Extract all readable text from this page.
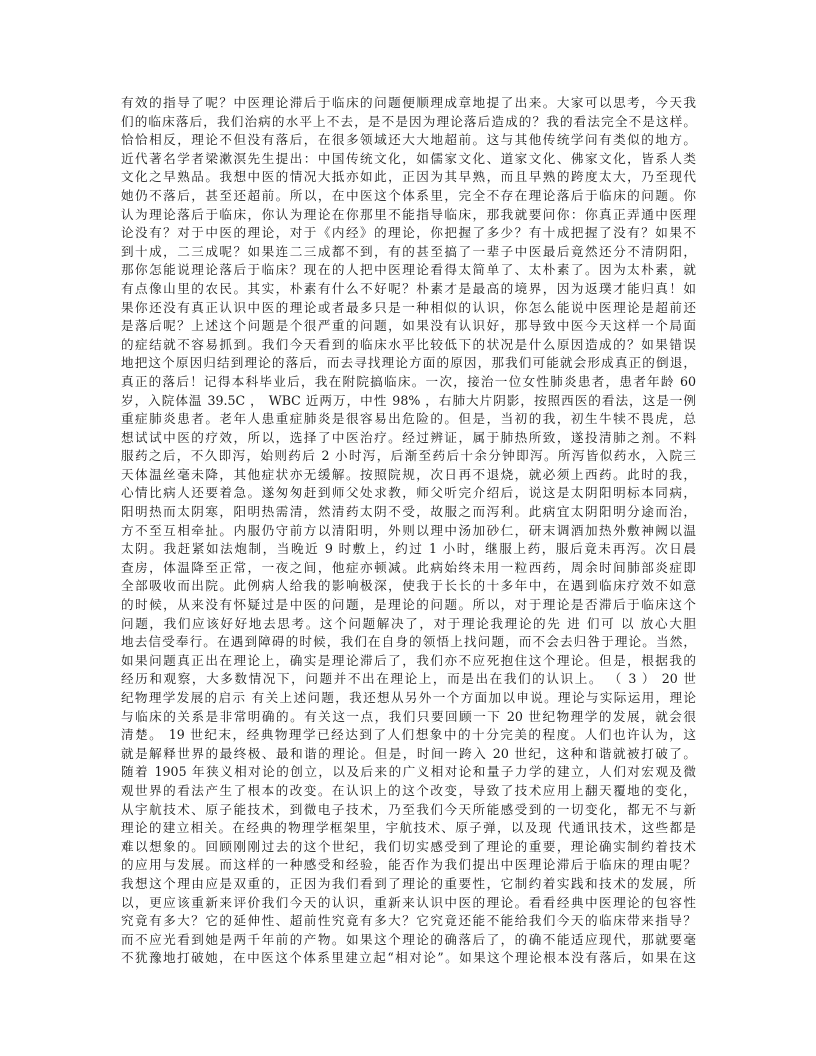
有效的指导了呢？中医理论滞后于临床的问题便顺理成章地提了出来。大家可以思考，今天我
们的临床落后，我们治病的水平上不去，是不是因为理论落后造成的？我的看法完全不是这样。
恰恰相反，理论不但没有落后，在很多领域还大大地超前。这与其他传统学问有类似的地方。
近代著名学者梁漱溟先生提出：中国传统文化，如儒家文化、道家文化、佛家文化，皆系人类
文化之早熟品。我想中医的情况大抵亦如此，正因为其早熟，而且早熟的跨度太大，乃至现代
她仍不落后，甚至还超前。所以，在中医这个体系里，完全不存在理论落后于临床的问题。你
认为理论落后于临床，你认为理论在你那里不能指导临床，那我就要问你：你真正弄通中医理
论没有？对于中医的理论，对于《内经》的理论，你把握了多少？有十成把握了没有？如果不
到十成，二三成呢？如果连二三成都不到，有的甚至搞了一辈子中医最后竟然还分不清阴阳，
那你怎能说理论落后于临床？现在的人把中医理论看得太简单了、太朴素了。因为太朴素，就
有点像山里的农民。其实，朴素有什么不好呢？朴素才是最高的境界，因为返璞才能归真！如
果你还没有真正认识中医的理论或者最多只是一种相似的认识，你怎么能说中医理论是超前还
是落后呢？上述这个问题是个很严重的问题，如果没有认识好，那导致中医今天这样一个局面
的症结就不容易抓到。我们今天看到的临床水平比较低下的状况是什么原因造成的？如果错误
地把这个原因归结到理论的落后，而去寻找理论方面的原因，那我们可能就会形成真正的倒退，
真正的落后！记得本科毕业后，我在附院搞临床。一次，接治一位女性肺炎患者，患者年龄 60
岁，入院体温 39.5C ， WBC 近两万，中性 98% ，右肺大片阴影，按照西医的看法，这是一例
重症肺炎患者。老年人患重症肺炎是很容易出危险的。但是，当初的我，初生牛犊不畏虎，总
想试试中医的疗效，所以，选择了中医治疗。经过辨证，属于肺热所致，遂投清肺之剂。不料
服药之后，不久即泻，始则药后 2 小时泻，后渐至药后十余分钟即泻。所泻皆似药水，入院三
天体温丝毫未降，其他症状亦无缓解。按照院规，次日再不退烧，就必须上西药。此时的我，
心情比病人还要着急。遂匆匆赶到师父处求教，师父听完介绍后，说这是太阴阳明标本同病，
阳明热而太阴寒，阳明热需清，然清药太阴不受，故服之而泻利。此病宜太阴阳明分途而治，
方不至互相牵扯。内服仍守前方以清阳明，外则以理中汤加砂仁，研末调酒加热外敷神阙以温
太阴。我赶紧如法炮制，当晚近 9 时敷上，约过 1 小时，继服上药，服后竟未再泻。次日晨
查房，体温降至正常，一夜之间，他症亦顿减。此病始终未用一粒西药，周余时间肺部炎症即
全部吸收而出院。此例病人给我的影响极深，使我于长长的十多年中，在遇到临床疗效不如意
的时候，从来没有怀疑过是中医的问题，是理论的问题。所以，对于理论是否滞后于临床这个
问题，我们应该好好地去思考。这个问题解决了，对于理论我理论的先 进 们可 以 放心大胆
地去信受奉行。在遇到障碍的时候，我们在自身的领悟上找问题，而不会去归咎于理论。当然，
如果问题真正出在理论上，确实是理论滞后了，我们亦不应死抱住这个理论。但是，根据我的
经历和观察，大多数情况下，问题并不出在理论上，而是出在我们的认识上。 （ 3 ） 20 世
纪物理学发展的启示 有关上述问题，我还想从另外一个方面加以申说。理论与实际运用，理论
与临床的关系是非常明确的。有关这一点，我们只要回顾一下 20 世纪物理学的发展，就会很
清楚。 19 世纪末，经典物理学已经达到了人们想象中的十分完美的程度。人们也许认为，这
就是解释世界的最终极、最和谐的理论。但是，时间一跨入 20 世纪，这种和谐就被打破了。
随着 1905 年狭义相对论的创立，以及后来的广义相对论和量子力学的建立，人们对宏观及微
观世界的看法产生了根本的改变。在认识上的这个改变，导致了技术应用上翻天覆地的变化，
从宇航技术、原子能技术，到微电子技术，乃至我们今天所能感受到的一切变化，都无不与新
理论的建立相关。在经典的物理学框架里，宇航技术、原子弹，以及现 代通讯技术，这些都是
难以想象的。回顾刚刚过去的这个世纪，我们切实感受到了理论的重要，理论确实制约着技术
的应用与发展。而这样的一种感受和经验，能否作为我们提出中医理论滞后于临床的理由呢？
我想这个理由应是双重的，正因为我们看到了理论的重要性，它制约着实践和技术的发展，所
以，更应该重新来评价我们今天的认识，重新来认识中医的理论。看看经典中医理论的包容性
究竟有多大？它的延伸性、超前性究竟有多大？它究竟还能不能给我们今天的临床带来指导？
而不应光看到她是两千年前的产物。如果这个理论的确落后了，的确不能适应现代，那就要毫
不犹豫地打破她，在中医这个体系里建立起“相对论”。如果这个理论根本没有落后，如果在这
